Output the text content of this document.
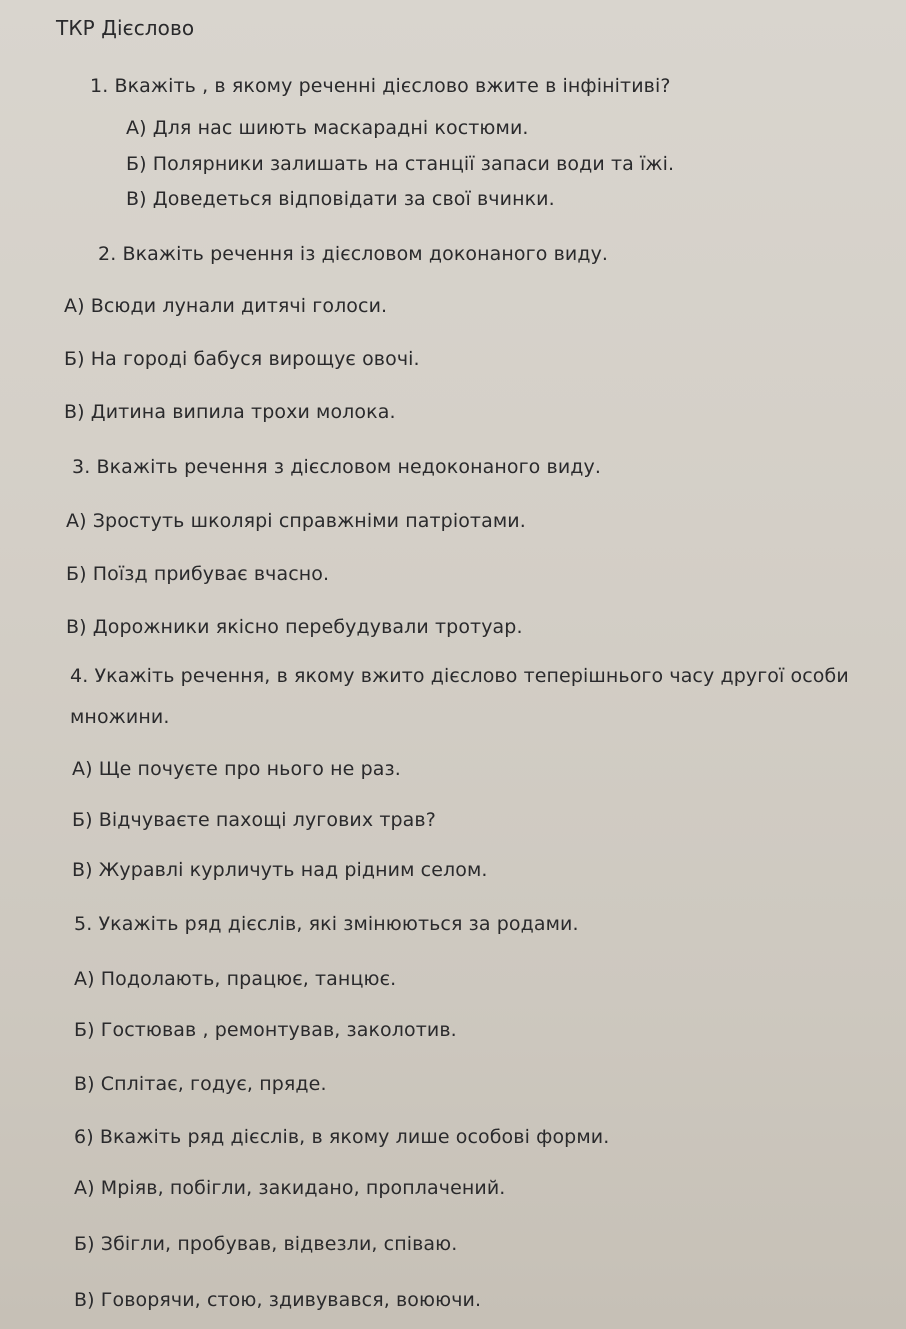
ТКР Дієслово
1. Вкажіть , в якому реченні дієслово вжите в інфінітиві?
А) Для нас шиють маскарадні костюми.
Б) Полярники залишать на станції запаси води та їжі.
В) Доведеться відповідати за свої вчинки.
2. Вкажіть речення із дієсловом доконаного виду.
А) Всюди лунали дитячі голоси.
Б) На городі бабуся вирощує овочі.
В) Дитина випила трохи молока.
3. Вкажіть речення з дієсловом недоконаного виду.
А) Зростуть школярі справжніми патріотами.
Б) Поїзд прибуває вчасно.
В) Дорожники якісно перебудували тротуар.
4. Укажіть речення, в якому вжито дієслово теперішнього часу другої особи
множини.
А) Ще почуєте про нього не раз.
Б) Відчуваєте пахощі лугових трав?
В) Журавлі курличуть над рідним селом.
5. Укажіть ряд дієслів, які змінюються за родами.
А) Подолають, працює, танцює.
Б) Гостював , ремонтував, заколотив.
В) Сплітає, годує, пряде.
6) Вкажіть ряд дієслів, в якому лише особові форми.
А) Мріяв, побігли, закидано, проплачений.
Б) Збігли, пробував, відвезли, співаю.
В) Говорячи, стою, здивувався, воюючи.
